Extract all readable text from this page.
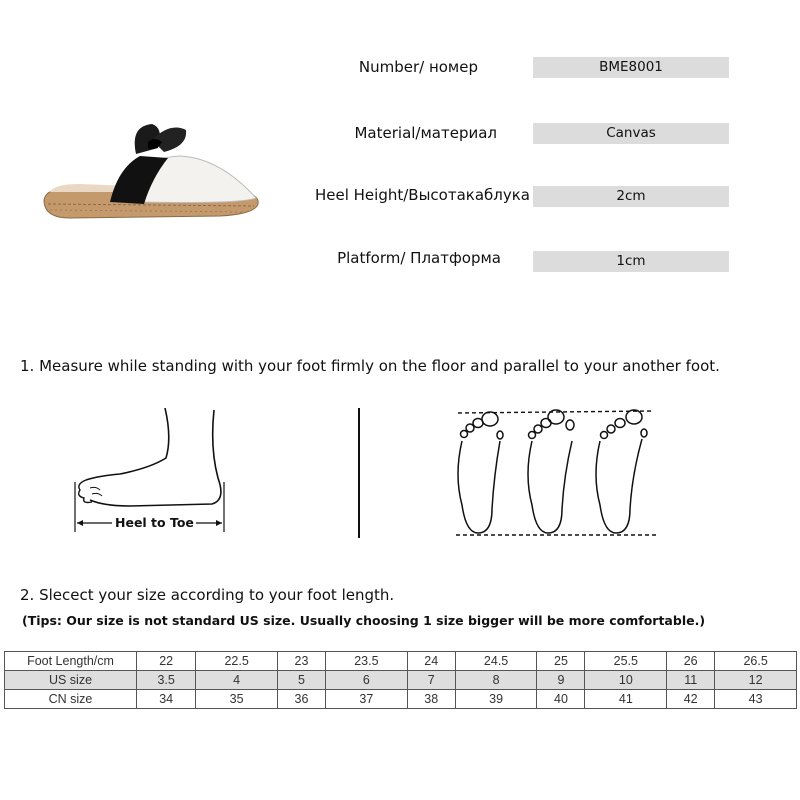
Number/ номер	BME8001
Material/материал	Canvas
Heel Height/Высотакаблука	2cm
Platform/ Платформа	1cm
1. Measure while standing with your foot firmly on the floor and parallel to your another foot.
Heel to Toe
2. Slecect your size according to your foot length.
(Tips: Our size is not standard US size. Usually choosing 1 size bigger will be more comfortable.)
Foot Length/cm	22	22.5	23	23.5	24	24.5	25	25.5	26	26.5
US size	3.5	4	5	6	7	8	9	10	11	12
CN size	34	35	36	37	38	39	40	41	42	43
